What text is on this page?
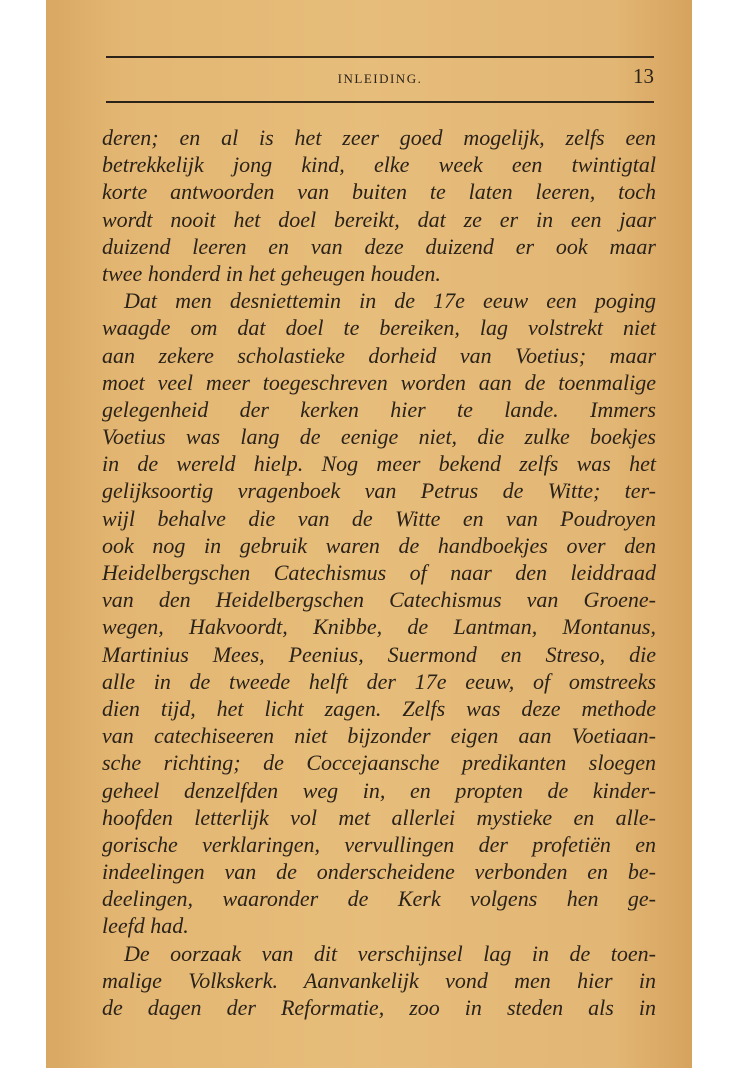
INLEIDING.	13
deren; en al is het zeer goed mogelijk, zelfs een
betrekkelijk jong kind, elke week een twintigtal
korte antwoorden van buiten te laten leeren, toch
wordt nooit het doel bereikt, dat ze er in een jaar
duizend leeren en van deze duizend er ook maar
twee honderd in het geheugen houden.
Dat men desniettemin in de 17e eeuw een poging
waagde om dat doel te bereiken, lag volstrekt niet
aan zekere scholastieke dorheid van Voetius; maar
moet veel meer toegeschreven worden aan de toenmalige
gelegenheid der kerken hier te lande. Immers
Voetius was lang de eenige niet, die zulke boekjes
in de wereld hielp. Nog meer bekend zelfs was het
gelijksoortig vragenboek van Petrus de Witte; ter-
wijl behalve die van de Witte en van Poudroyen
ook nog in gebruik waren de handboekjes over den
Heidelbergschen Catechismus of naar den leiddraad
van den Heidelbergschen Catechismus van Groene-
wegen, Hakvoordt, Knibbe, de Lantman, Montanus,
Martinius Mees, Peenius, Suermond en Streso, die
alle in de tweede helft der 17e eeuw, of omstreeks
dien tijd, het licht zagen. Zelfs was deze methode
van catechiseeren niet bijzonder eigen aan Voetiaan-
sche richting; de Coccejaansche predikanten sloegen
geheel denzelfden weg in, en propten de kinder-
hoofden letterlijk vol met allerlei mystieke en alle-
gorische verklaringen, vervullingen der profetiën en
indeelingen van de onderscheidene verbonden en be-
deelingen, waaronder de Kerk volgens hen ge-
leefd had.
De oorzaak van dit verschijnsel lag in de toen-
malige Volkskerk. Aanvankelijk vond men hier in
de dagen der Reformatie, zoo in steden als in
